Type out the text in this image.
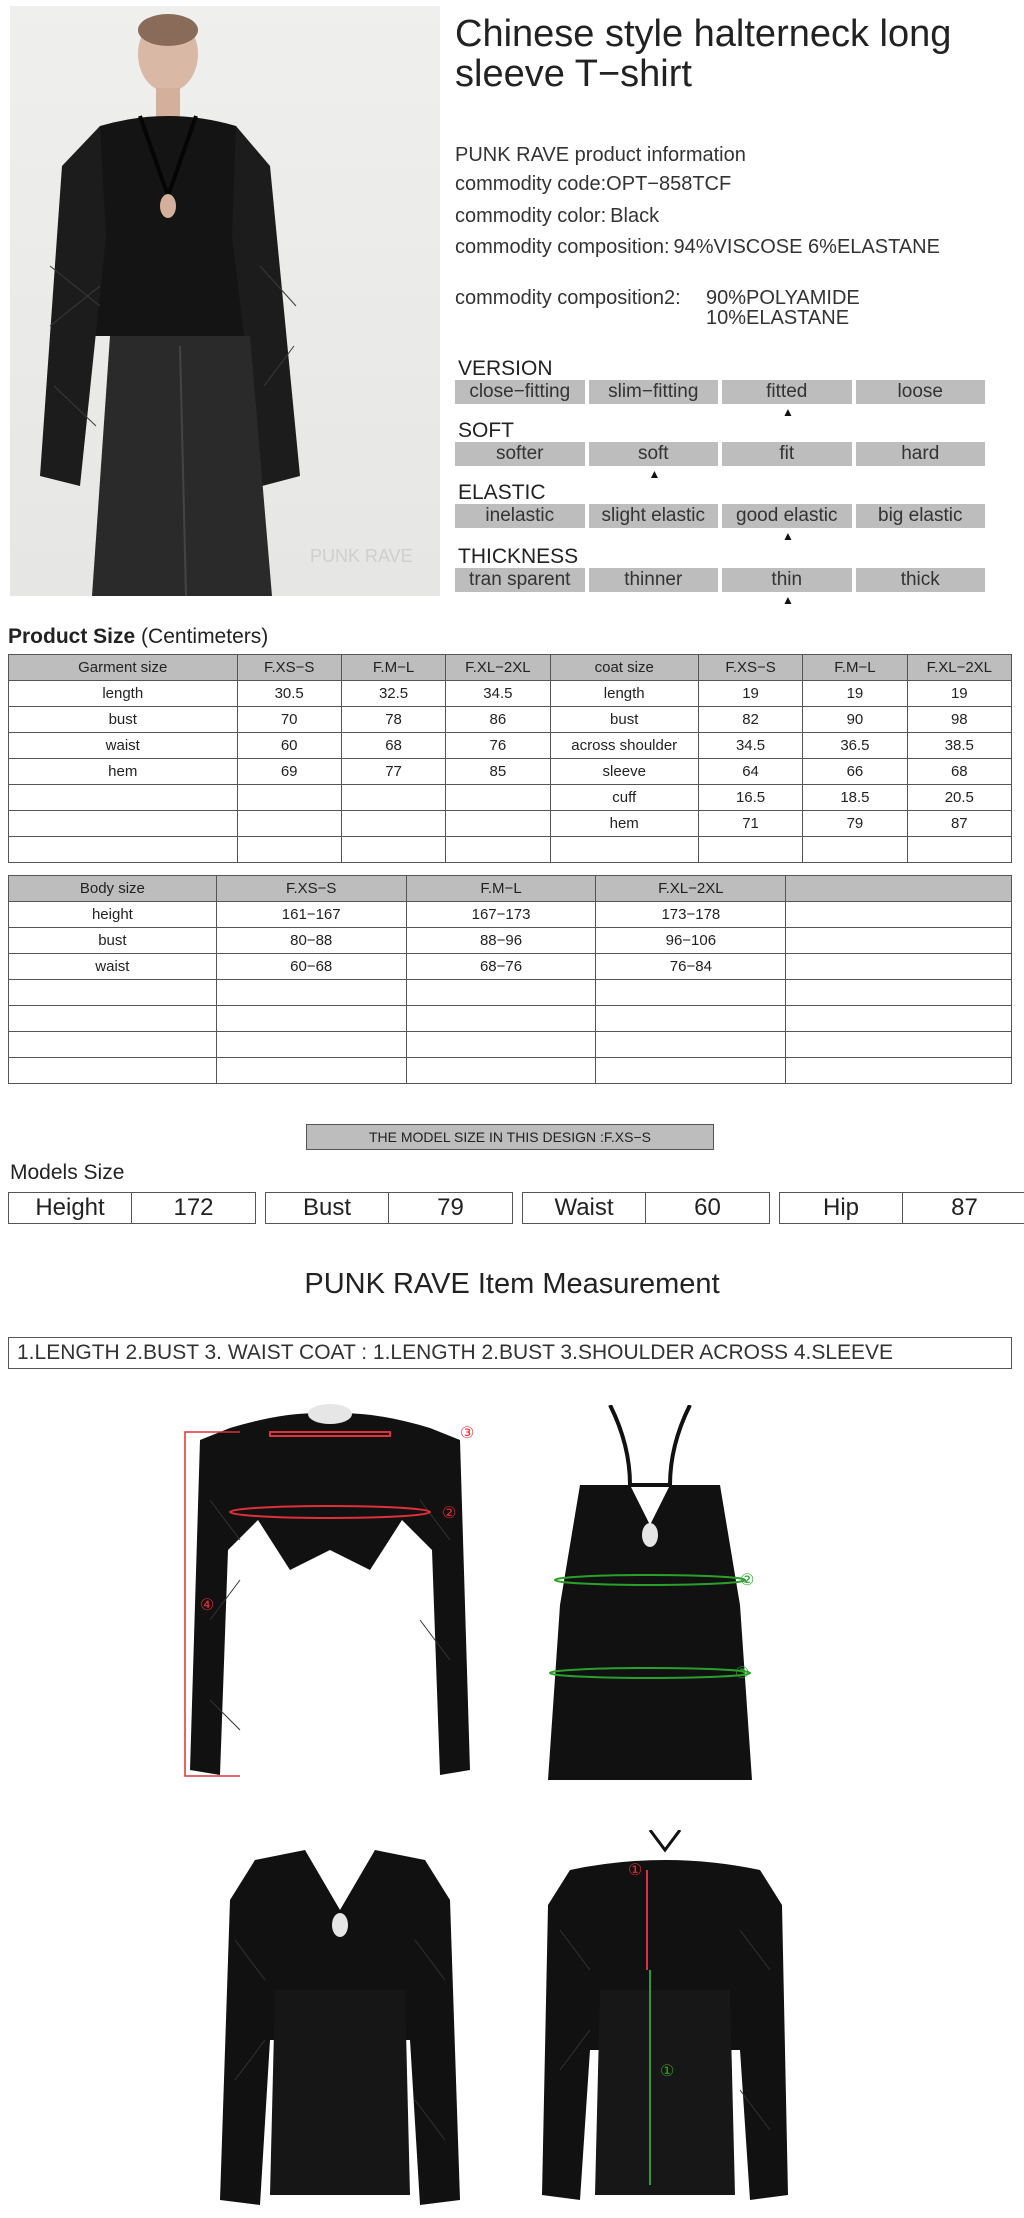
PUNK RAVE
Chinese style halterneck long sleeve T−shirt
PUNK RAVE product information
commodity code:OPT−858TCF
commodity color: Black
commodity composition: 94%VISCOSE 6%ELASTANE
commodity composition2: 90%POLYAMIDE
10%ELASTANE
VERSION
close−fitting	slim−fitting	fitted	loose
▲
SOFT
softer	soft	fit	hard
▲
ELASTIC
inelastic	slight elastic	good elastic	big elastic
▲
THICKNESS
tran sparent	thinner	thin	thick
▲
Product Size (Centimeters)
Garment size	F.XS−S	F.M−L	F.XL−2XL	coat size	F.XS−S	F.M−L	F.XL−2XL
length	30.5	32.5	34.5	length	19	19	19
bust	70	78	86	bust	82	90	98
waist	60	68	76	across shoulder	34.5	36.5	38.5
hem	69	77	85	sleeve	64	66	68
				cuff	16.5	18.5	20.5
				hem	71	79	87

Body size	F.XS−S	F.M−L	F.XL−2XL	
height	161−167	167−173	173−178	
bust	80−88	88−96	96−106	
waist	60−68	68−76	76−84	

THE MODEL SIZE IN THIS DESIGN :F.XS−S
Models Size
Height	172	Bust	79	Waist	60	Hip	87
PUNK RAVE Item Measurement
1.LENGTH 2.BUST 3. WAIST COAT : 1.LENGTH 2.BUST 3.SHOULDER ACROSS 4.SLEEVE
③
②
④
②
③
①
①
